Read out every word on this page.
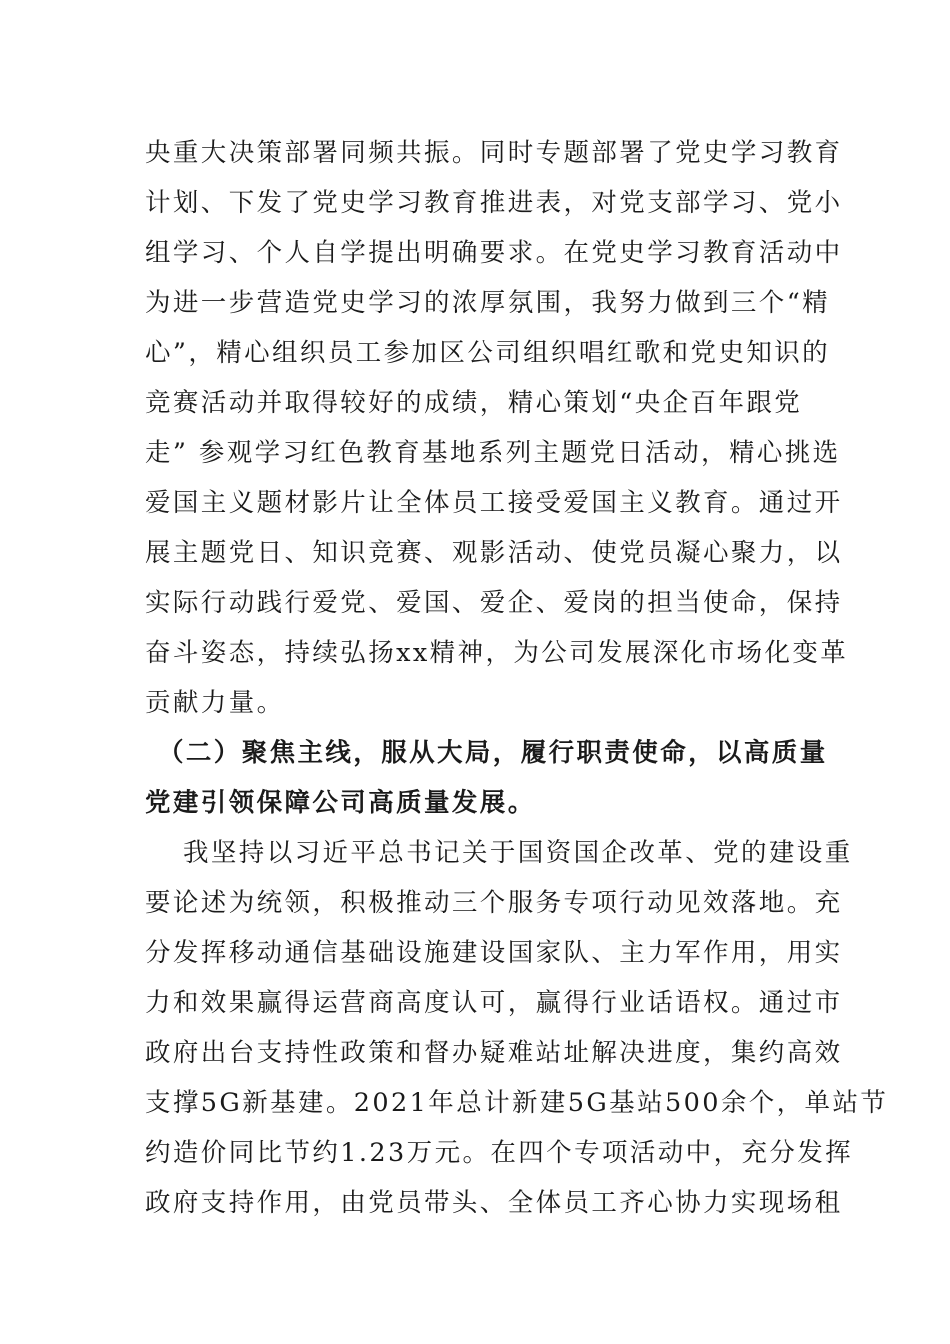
央重大决策部署同频共振。同时专题部署了党史学习教育
计划、下发了党史学习教育推进表，对党支部学习、党小
组学习、个人自学提出明确要求。在党史学习教育活动中
为进一步营造党史学习的浓厚氛围，我努力做到三个“精
心”，精心组织员工参加区公司组织唱红歌和党史知识的
竞赛活动并取得较好的成绩，精心策划“央企百年跟党
走” 参观学习红色教育基地系列主题党日活动，精心挑选
爱国主义题材影片让全体员工接受爱国主义教育。通过开
展主题党日、知识竞赛、观影活动、使党员凝心聚力，以
实际行动践行爱党、爱国、爱企、爱岗的担当使命，保持
奋斗姿态，持续弘扬xx精神，为公司发展深化市场化变革
贡献力量。
（二）聚焦主线，服从大局，履行职责使命，以高质量
党建引领保障公司高质量发展。
我坚持以习近平总书记关于国资国企改革、党的建设重
要论述为统领，积极推动三个服务专项行动见效落地。充
分发挥移动通信基础设施建设国家队、主力军作用，用实
力和效果赢得运营商高度认可，赢得行业话语权。通过市
政府出台支持性政策和督办疑难站址解决进度，集约高效
支撑5G新基建。2021年总计新建5G基站500余个，单站节
约造价同比节约1.23万元。在四个专项活动中，充分发挥
政府支持作用，由党员带头、全体员工齐心协力实现场租
